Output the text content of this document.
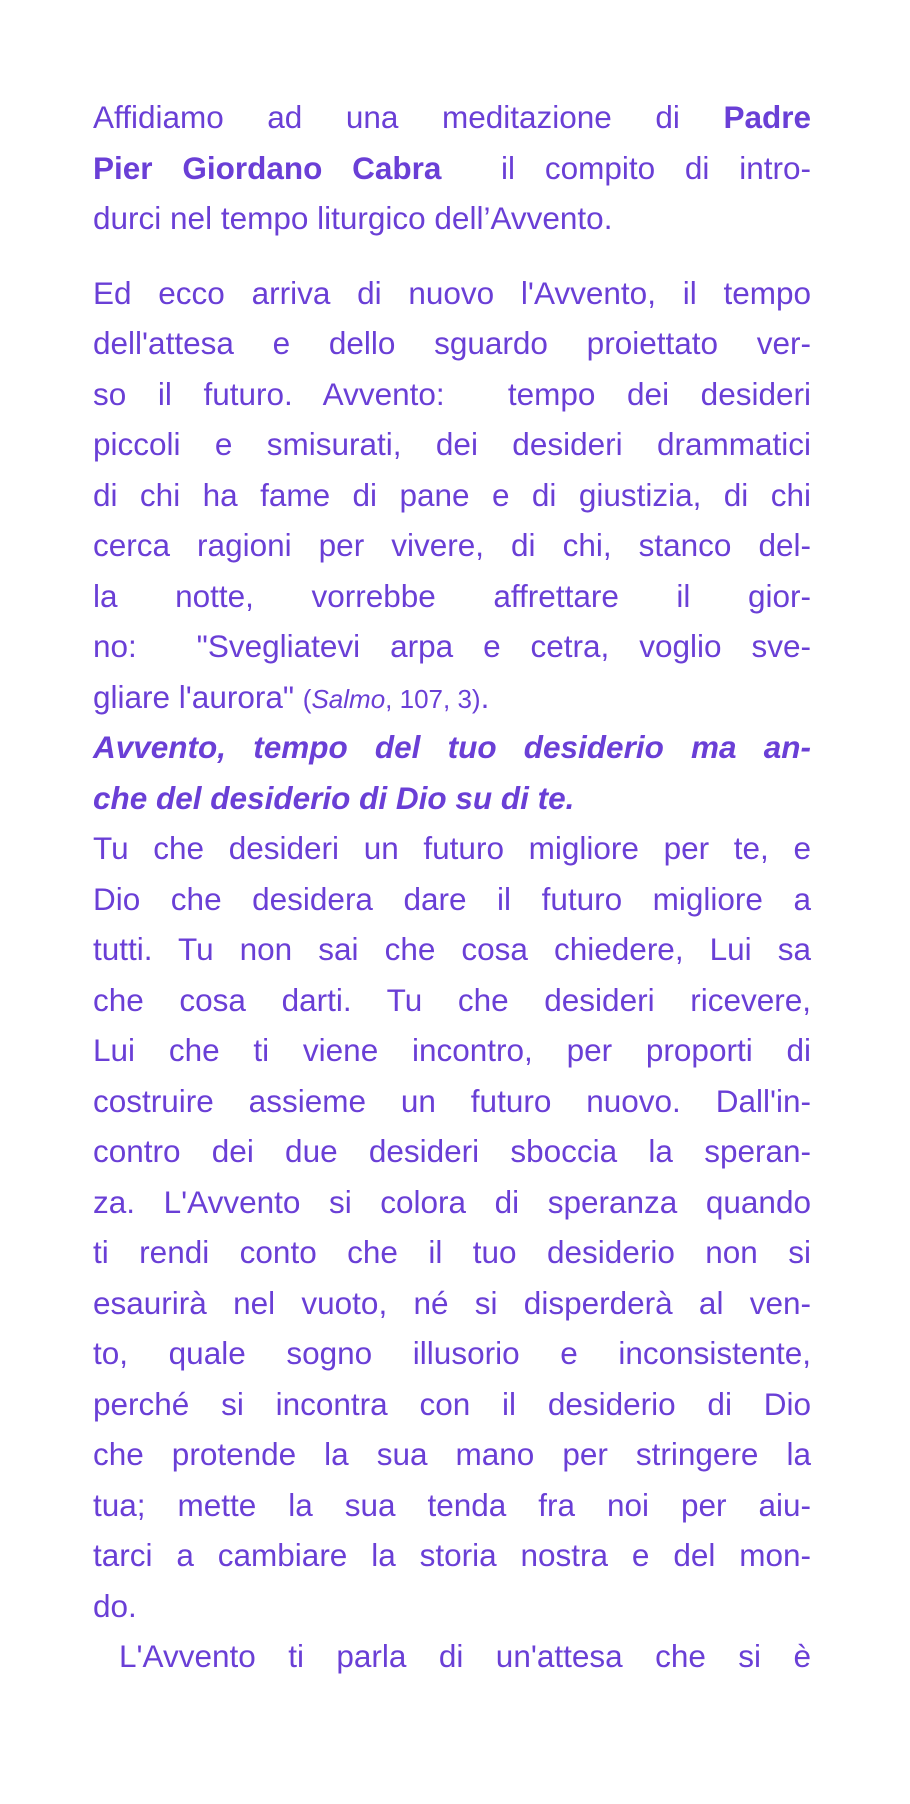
Affidiamo ad una meditazione di Padre
Pier Giordano Cabra  il compito di intro-
durci nel tempo liturgico dell’Avvento.
Ed ecco arriva di nuovo l'Avvento, il tempo
dell'attesa e dello sguardo proiettato ver-
so il futuro. Avvento:  tempo dei desideri
piccoli e smisurati, dei desideri drammatici
di chi ha fame di pane e di giustizia, di chi
cerca ragioni per vivere, di chi, stanco del-
la notte, vorrebbe affrettare il gior-
no:  "Svegliatevi arpa e cetra, voglio sve-
gliare l'aurora" (Salmo, 107, 3).
Avvento, tempo del tuo desiderio ma an-
che del desiderio di Dio su di te.
Tu che desideri un futuro migliore per te, e
Dio che desidera dare il futuro migliore a
tutti. Tu non sai che cosa chiedere, Lui sa
che cosa darti. Tu che desideri ricevere,
Lui che ti viene incontro, per proporti di
costruire assieme un futuro nuovo. Dall'in-
contro dei due desideri sboccia la speran-
za. L'Avvento si colora di speranza quando
ti rendi conto che il tuo desiderio non si
esaurirà nel vuoto, né si disperderà al ven-
to, quale sogno illusorio e inconsistente,
perché si incontra con il desiderio di Dio
che protende la sua mano per stringere la
tua; mette la sua tenda fra noi per aiu-
tarci a cambiare la storia nostra e del mon-
do.
L'Avvento ti parla di un'attesa che si è
